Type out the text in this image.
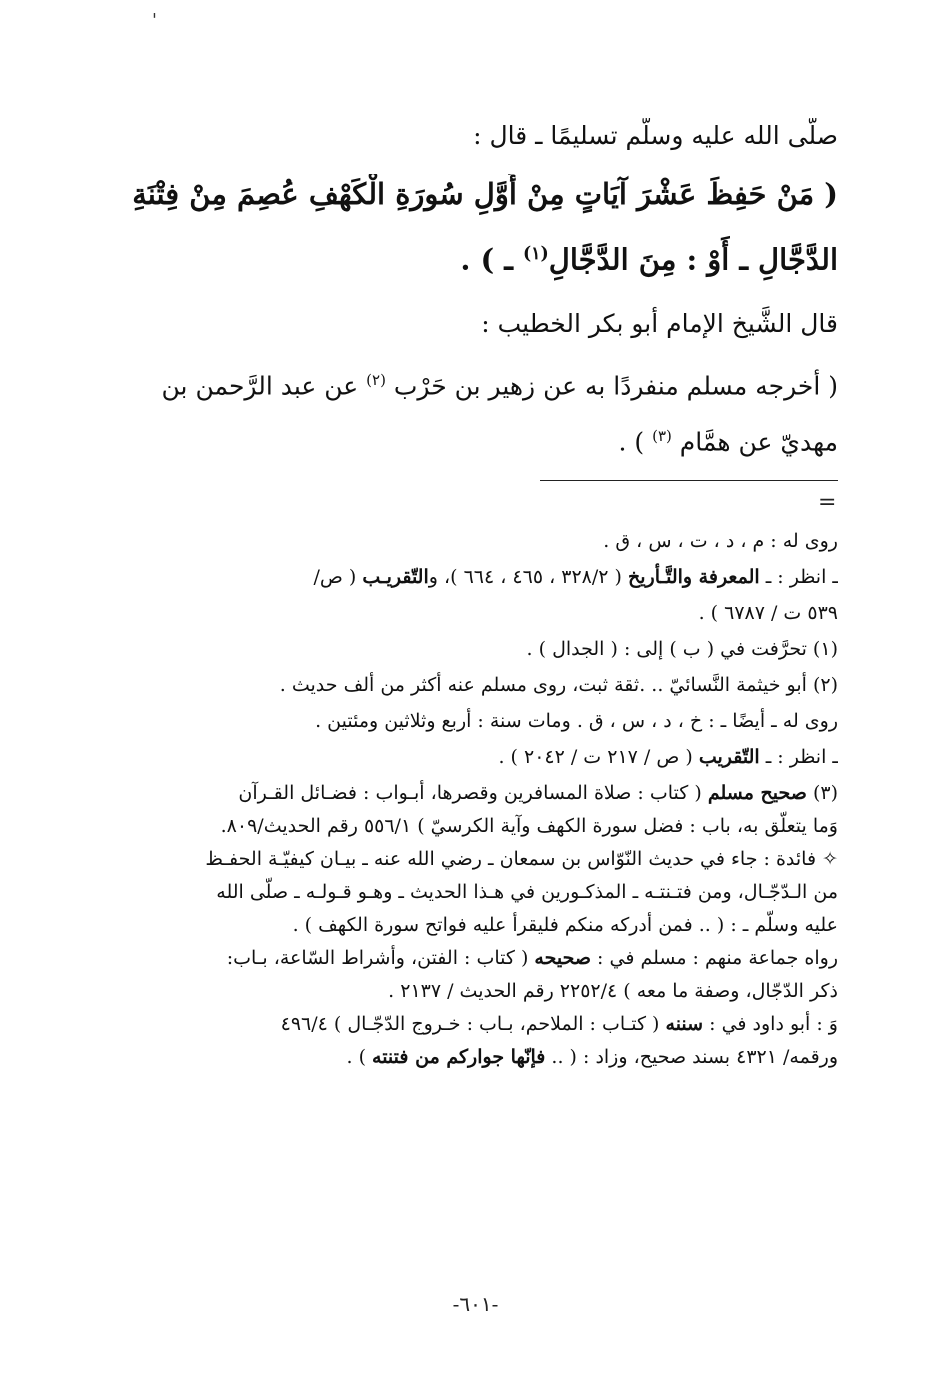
'
صلّى الله عليه وسلّم تسليمًا ـ قال :
( مَنْ حَفِظَ عَشْرَ آيَاتٍ مِنْ أَوَّلِ سُورَةِ الْكَهْفِ عُصِمَ مِنْ فِتْنَةِ
الدَّجَّالِ ـ أَوْ : مِنَ الدَّجَّالِ$^{(١)}$ ـ ) .
قال الشَّيخ الإمام أبو بكر الخطيب :
( أخرجه مسلم منفردًا به عن زهير بن حَرْب $^{(٢)}$ عن عبد الرَّحمن بن
مهديّ عن همَّام $^{(٣)}$ ) .
=
روى له : م ، د ، ت ، س ، ق .
ـ انظر : ـ المعرفة والتَّـأريخ ( ٣٢٨/٢ ، ٤٦٥ ، ٦٦٤ )، والتّقريـب ( ص/
٥٣٩ ت / ٦٧٨٧ ) .
(١) تحرَّفت في ( ب ) إلى : ( الجدال ) .
(٢) أبو خيثمة النَّسائيّ .. .ثقة ثبت، روى مسلم عنه أكثر من ألف حديث .
روى له ـ أيضًا ـ : خ ، د ، س ، ق . ومات سنة : أربع وثلاثين ومئتين .
ـ انظر : ـ التّقريب ( ص / ٢١٧ ت / ٢٠٤٢ ) .
(٣) صحيح مسلم ( كتاب : صلاة المسافرين وقصرها، أبـواب : فضـائل القـرآن
وَما يتعلّق به، باب : فضل سورة الكهف وآية الكرسيّ ) ٥٥٦/١ رقم الحديث/٨٠٩.
✧ فائدة : جاء في حديث النّوّاس بن سمعان ـ رضي الله عنه ـ بيـان كيفيّـة الحفـظ
من الـدّجّـال، ومن فتـنتـه ـ المذكـورين في هـذا الحديث ـ وهـو قـولـه ـ صلّى الله
عليه وسلّم ـ : ( .. فمن أدركه منكم فليقرأ عليه فواتح سورة الكهف ) .
رواه جماعة منهم : مسلم في : صحيحه ( كتاب : الفتن، وأشراط السّاعة، بـاب:
ذكر الدّجّال، وصفة ما معه ) ٢٢٥٢/٤ رقم الحديث / ٢١٣٧ .
وَ : أبو داود في : سننه ( كتـاب : الملاحم، بـاب : خـروج الدّجّـال ) ٤٩٦/٤
ورقمه/ ٤٣٢١ بسند صحيح، وزاد : ( .. فإنّها جواركم من فتنته ) .
-٦٠١-
